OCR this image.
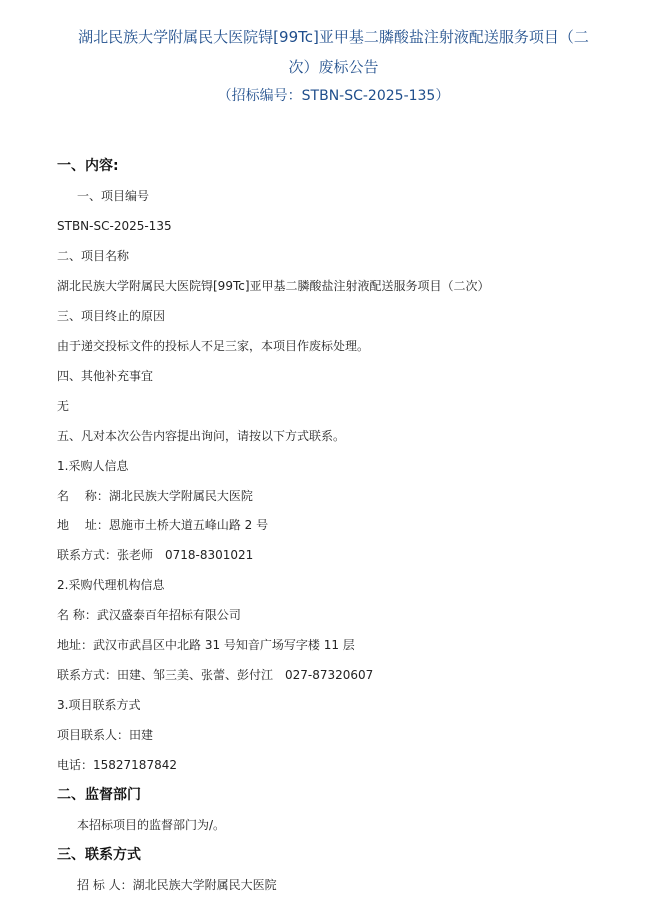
湖北民族大学附属民大医院锝[99Tc]亚甲基二膦酸盐注射液配送服务项目（二
次）废标公告
（招标编号：STBN-SC-2025-135）
一、内容:
一、项目编号
STBN-SC-2025-135
二、项目名称
湖北民族大学附属民大医院锝[99Tc]亚甲基二膦酸盐注射液配送服务项目（二次）
三、项目终止的原因
由于递交投标文件的投标人不足三家，本项目作废标处理。
四、其他补充事宜
无
五、凡对本次公告内容提出询问，请按以下方式联系。
1.采购人信息
名　 称：湖北民族大学附属民大医院
地　 址：恩施市土桥大道五峰山路 2 号
联系方式：张老师　0718-8301021
2.采购代理机构信息
名 称：武汉盛泰百年招标有限公司
地址：武汉市武昌区中北路 31 号知音广场写字楼 11 层
联系方式：田建、邹三美、张蕾、彭付江　027-87320607
3.项目联系方式
项目联系人：田建
电话：15827187842
二、监督部门
本招标项目的监督部门为/。
三、联系方式
招 标 人：湖北民族大学附属民大医院
